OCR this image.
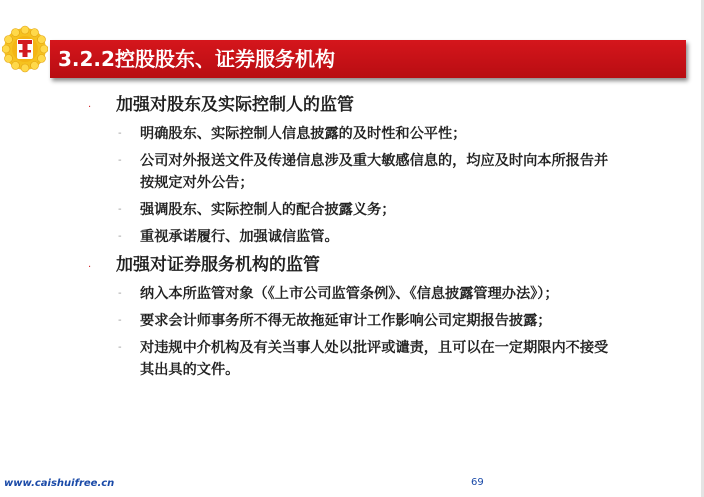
3.2.2控股股东、证券服务机构
·	加强对股东及实际控制人的监管
-	明确股东、实际控制人信息披露的及时性和公平性；
-	公司对外报送文件及传递信息涉及重大敏感信息的，均应及时向本所报告并按规定对外公告；
-	强调股东、实际控制人的配合披露义务；
-	重视承诺履行、加强诚信监管。
·	加强对证券服务机构的监管
-	纳入本所监管对象（《上市公司监管条例》、《信息披露管理办法》）；
-	要求会计师事务所不得无故拖延审计工作影响公司定期报告披露；
-	对违规中介机构及有关当事人处以批评或谴责，且可以在一定期限内不接受其出具的文件。
www.caishuifree.cn	69
